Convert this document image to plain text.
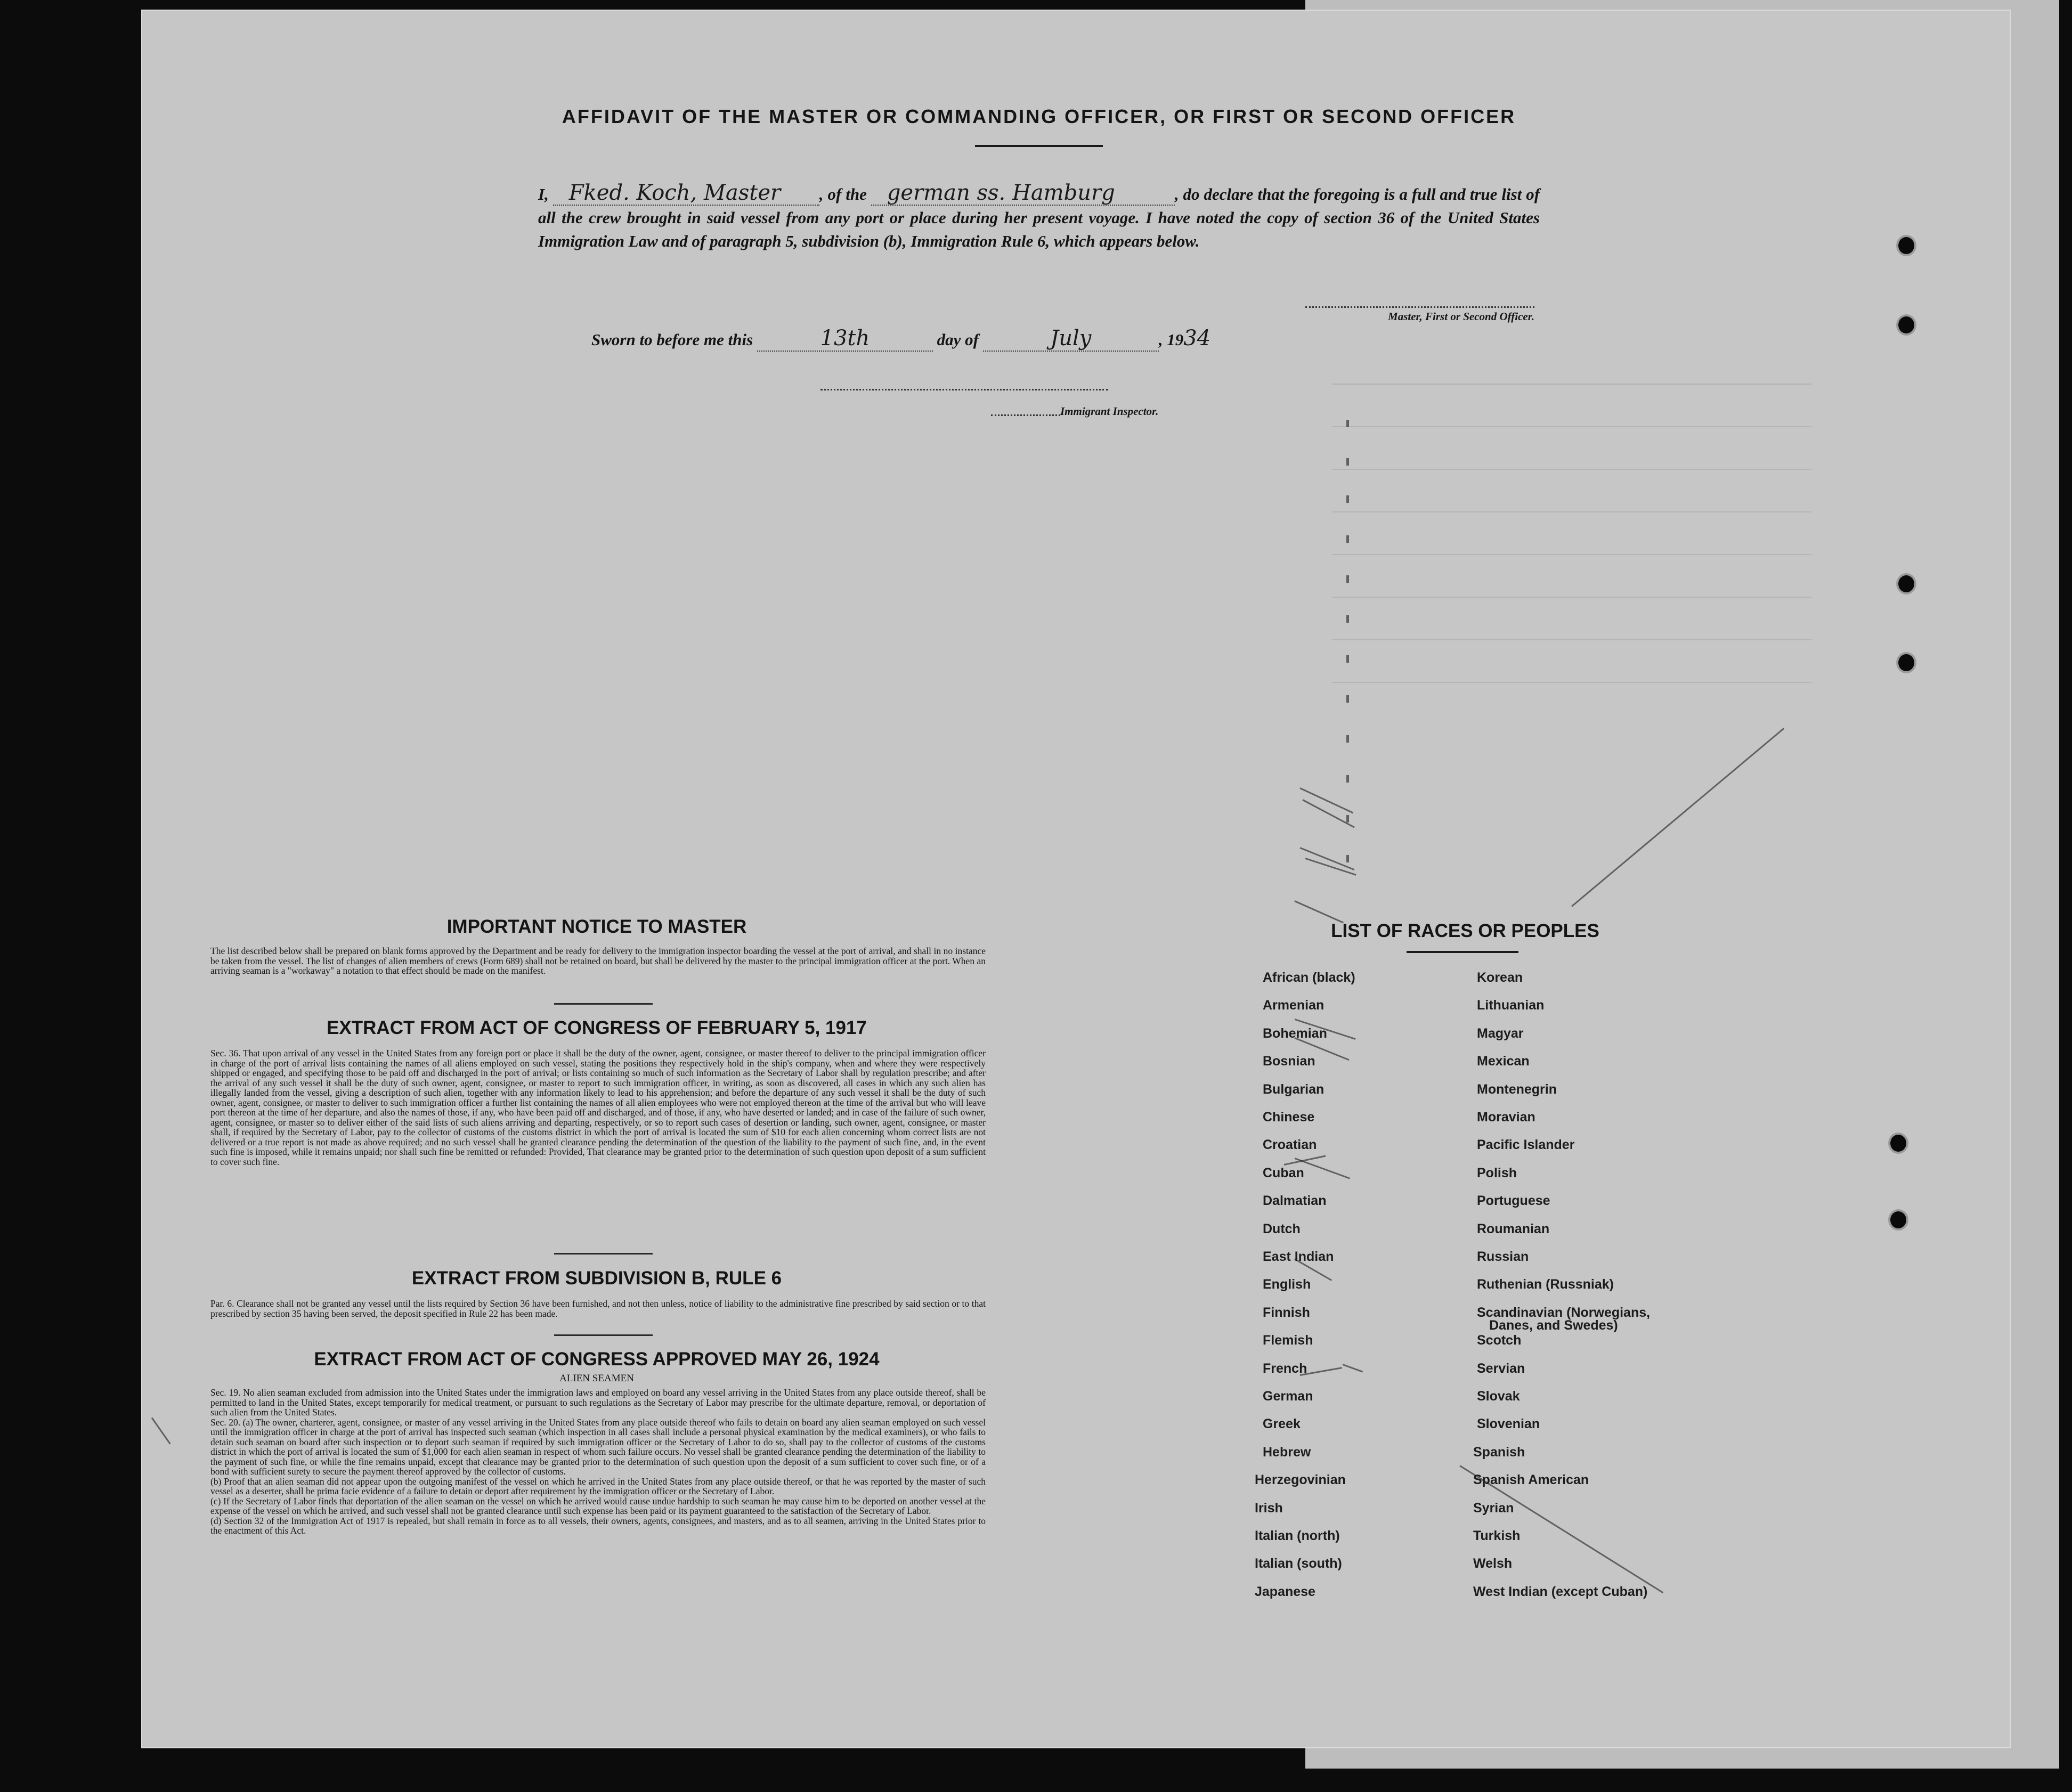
AFFIDAVIT OF THE MASTER OR COMMANDING OFFICER, OR FIRST OR SECOND OFFICER
I, Fked. Koch, Master , of the german ss. Hamburg	, do declare that the foregoing is a full and true list of all the crew brought in said vessel from any port or place during her present voyage. I have noted the copy of section 36 of the United States Immigration Law and of paragraph 5, subdivision (b), Immigration Rule 6, which appears below.
Master, First or Second Officer.
Sworn to before me this	13th	day of	July	, 1934
Immigrant Inspector.
IMPORTANT NOTICE TO MASTER
The list described below shall be prepared on blank forms approved by the Department and be ready for delivery to the immigration inspector boarding the vessel at the port of arrival, and shall in no instance be taken from the vessel. The list of changes of alien members of crews (Form 689) shall not be retained on board, but shall be delivered by the master to the principal immigration officer at the port. When an arriving seaman is a "workaway" a notation to that effect should be made on the manifest.
EXTRACT FROM ACT OF CONGRESS OF FEBRUARY 5, 1917
Sec. 36. That upon arrival of any vessel in the United States from any foreign port or place it shall be the duty of the owner, agent, consignee, or master thereof to deliver to the principal immigration officer in charge of the port of arrival lists containing the names of all aliens employed on such vessel, stating the positions they respectively hold in the ship's company, when and where they were respectively shipped or engaged, and specifying those to be paid off and discharged in the port of arrival; or lists containing so much of such information as the Secretary of Labor shall by regulation prescribe; and after the arrival of any such vessel it shall be the duty of such owner, agent, consignee, or master to report to such immigration officer, in writing, as soon as discovered, all cases in which any such alien has illegally landed from the vessel, giving a description of such alien, together with any information likely to lead to his apprehension; and before the departure of any such vessel it shall be the duty of such owner, agent, consignee, or master to deliver to such immigration officer a further list containing the names of all alien employees who were not employed thereon at the time of the arrival but who will leave port thereon at the time of her departure, and also the names of those, if any, who have been paid off and discharged, and of those, if any, who have deserted or landed; and in case of the failure of such owner, agent, consignee, or master so to deliver either of the said lists of such aliens arriving and departing, respectively, or so to report such cases of desertion or landing, such owner, agent, consignee, or master shall, if required by the Secretary of Labor, pay to the collector of customs of the customs district in which the port of arrival is located the sum of $10 for each alien concerning whom correct lists are not delivered or a true report is not made as above required; and no such vessel shall be granted clearance pending the determination of the question of the liability to the payment of such fine, and, in the event such fine is imposed, while it remains unpaid; nor shall such fine be remitted or refunded: Provided, That clearance may be granted prior to the determination of such question upon deposit of a sum sufficient to cover such fine.
EXTRACT FROM SUBDIVISION B, RULE 6
Par. 6. Clearance shall not be granted any vessel until the lists required by Section 36 have been furnished, and not then unless, notice of liability to the administrative fine prescribed by said section or to that prescribed by section 35 having been served, the deposit specified in Rule 22 has been made.
EXTRACT FROM ACT OF CONGRESS APPROVED MAY 26, 1924
ALIEN SEAMEN
Sec. 19. No alien seaman excluded from admission into the United States under the immigration laws and employed on board any vessel arriving in the United States from any place outside thereof, shall be permitted to land in the United States, except temporarily for medical treatment, or pursuant to such regulations as the Secretary of Labor may prescribe for the ultimate departure, removal, or deportation of such alien from the United States.
Sec. 20. (a) The owner, charterer, agent, consignee, or master of any vessel arriving in the United States from any place outside thereof who fails to detain on board any alien seaman employed on such vessel until the immigration officer in charge at the port of arrival has inspected such seaman (which inspection in all cases shall include a personal physical examination by the medical examiners), or who fails to detain such seaman on board after such inspection or to deport such seaman if required by such immigration officer or the Secretary of Labor to do so, shall pay to the collector of customs of the customs district in which the port of arrival is located the sum of $1,000 for each alien seaman in respect of whom such failure occurs. No vessel shall be granted clearance pending the determination of the liability to the payment of such fine, or while the fine remains unpaid, except that clearance may be granted prior to the determination of such question upon the deposit of a sum sufficient to cover such fine, or of a bond with sufficient surety to secure the payment thereof approved by the collector of customs.
(b) Proof that an alien seaman did not appear upon the outgoing manifest of the vessel on which he arrived in the United States from any place outside thereof, or that he was reported by the master of such vessel as a deserter, shall be prima facie evidence of a failure to detain or deport after requirement by the immigration officer or the Secretary of Labor.
(c) If the Secretary of Labor finds that deportation of the alien seaman on the vessel on which he arrived would cause undue hardship to such seaman he may cause him to be deported on another vessel at the expense of the vessel on which he arrived, and such vessel shall not be granted clearance until such expense has been paid or its payment guaranteed to the satisfaction of the Secretary of Labor.
(d) Section 32 of the Immigration Act of 1917 is repealed, but shall remain in force as to all vessels, their owners, agents, consignees, and masters, and as to all seamen, arriving in the United States prior to the enactment of this Act.
LIST OF RACES OR PEOPLES
African (black)
Armenian
Bohemian
Bosnian
Bulgarian
Chinese
Croatian
Cuban
Dalmatian
Dutch
East Indian
English
Finnish
Flemish
French
German
Greek
Hebrew
Herzegovinian
Irish
Italian (north)
Italian (south)
Japanese
Korean
Lithuanian
Magyar
Mexican
Montenegrin
Moravian
Pacific Islander
Polish
Portuguese
Roumanian
Russian
Ruthenian (Russniak)
Scandinavian (Norwegians,
Danes, and Swedes)
Scotch
Servian
Slovak
Slovenian
Spanish
Spanish American
Syrian
Turkish
Welsh
West Indian (except Cuban)
